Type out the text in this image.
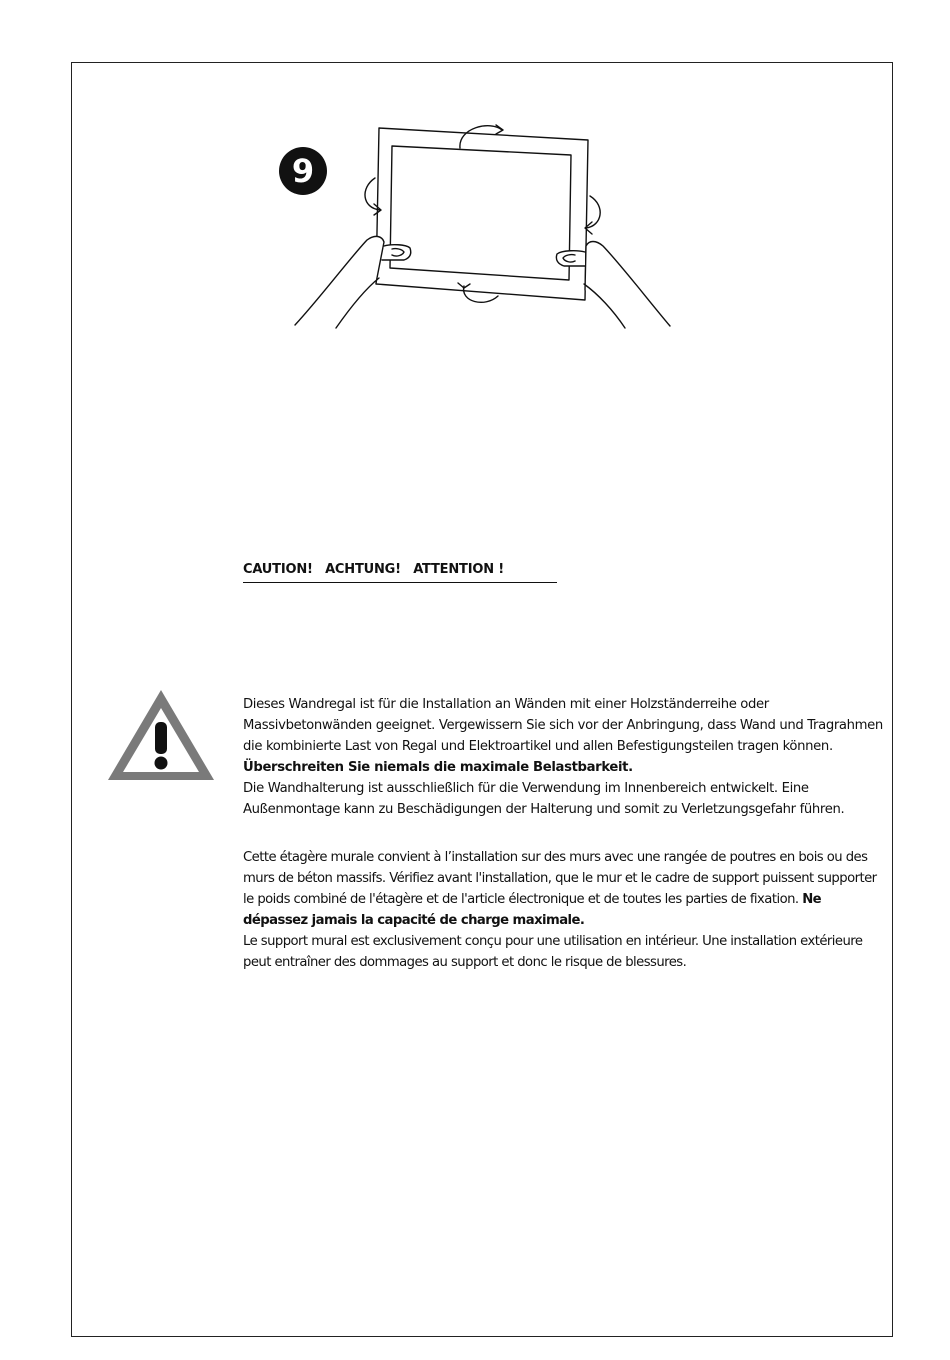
9
CAUTION! ACHTUNG! ATTENTION !

Dieses Wandregal ist für die Installation an Wänden mit einer Holzständerreihe oder Massivbetonwänden geeignet. Vergewissern Sie sich vor der Anbringung, dass Wand und Tragrahmen die kombinierte Last von Regal und Elektroartikel und allen Befestigungsteilen tragen können. Überschreiten Sie niemals die maximale Belastbarkeit.

Die Wandhalterung ist ausschließlich für die Verwendung im Innenbereich entwickelt. Eine Außenmontage kann zu Beschädigungen der Halterung und somit zu Verletzungsgefahr führen.

Cette étagère murale convient à l’installation sur des murs avec une rangée de poutres en bois ou des murs de béton massifs. Vérifiez avant l'installation, que le mur et le cadre de support puissent supporter le poids combiné de l'étagère et de l'article électronique et de toutes les parties de fixation. Ne dépassez jamais la capacité de charge maximale.

Le support mural est exclusivement conçu pour une utilisation en intérieur. Une installation extérieure peut entraîner des dommages au support et donc le risque de blessures.
